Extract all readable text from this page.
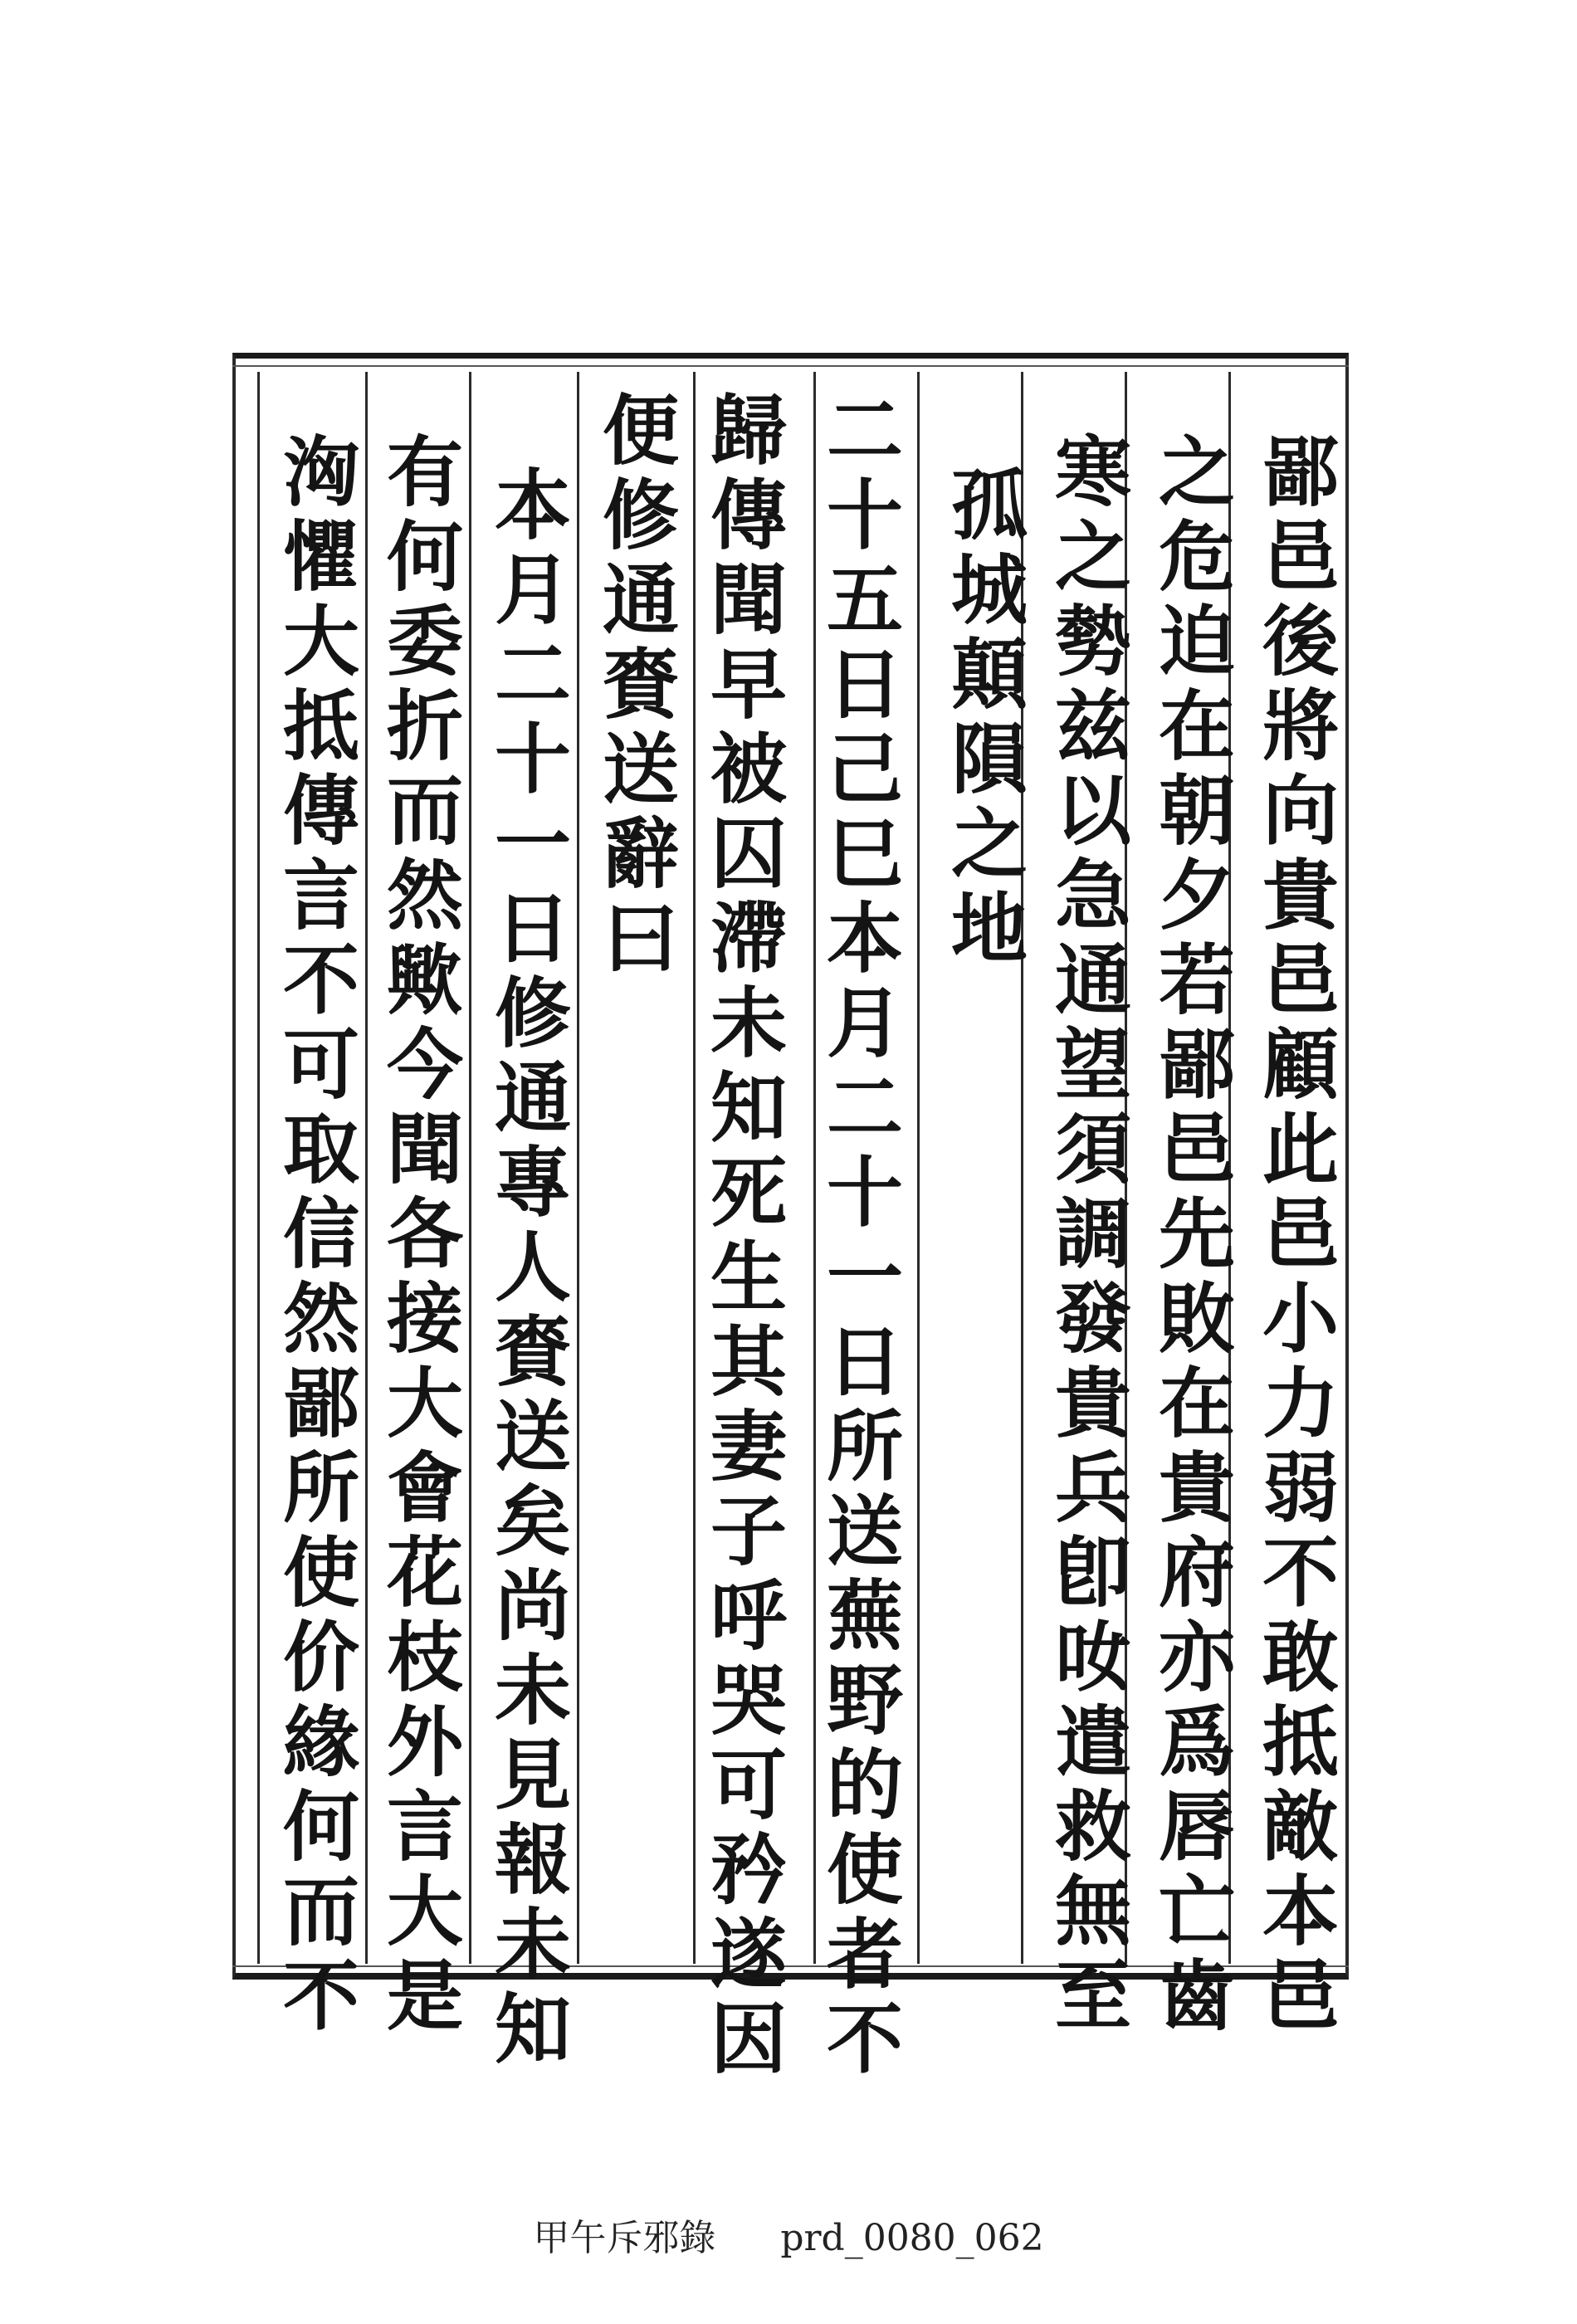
鄙邑後將向貴邑顧此邑小力弱不敢抵敵本邑
之危迫在朝夕若鄙邑先敗在貴府亦爲唇亡齒
寒之勢兹以急通望須調發貴兵卽𠯆遣救無至
孤城顛隕之地
二十五日己巳本月二十一日所送蕪野的使者不
歸傳聞早被囚滯未知死生其妻子呼哭可矜遂因
便修通賚送辭曰
本月二十一日修通專人賚送矣尚未見報未知
有何委折而然歟今聞各接大會花枝外言大是
洶懼大抵傳言不可取信然鄙所使价緣何而不
甲午斥邪錄 prd_0080_062
